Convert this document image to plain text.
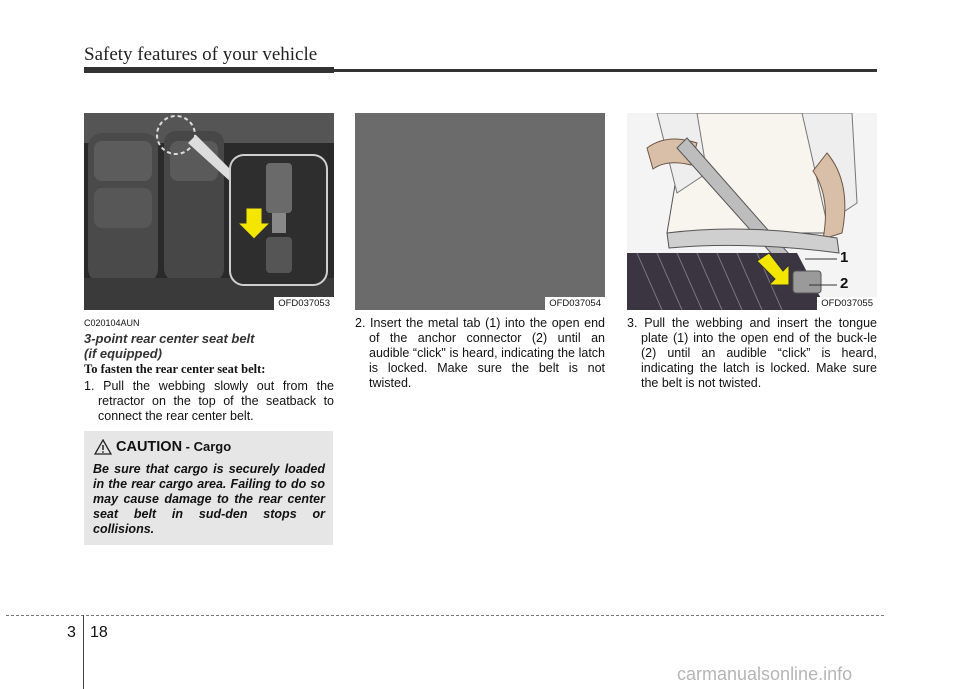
Safety features of your vehicle
OFD037053	OFD037054
1
2
OFD037055
C020104AUN
3-point rear center seat belt
(if equipped)
To fasten the rear center seat belt:
1. Pull the webbing slowly out from the retractor on the top of the seatback to connect the rear center belt.
2. Insert the metal tab (1) into the open end of the anchor connector (2) until an audible “click" is heard, indicating the latch is locked. Make sure the belt is not twisted.
3. Pull the webbing and insert the tongue plate (1) into the open end of the buck-le (2) until an audible “click” is heard, indicating the latch is locked. Make sure the belt is not twisted.
CAUTION - Cargo
Be sure that cargo is securely loaded in the rear cargo area. Failing to do so may cause damage to the rear center seat belt in sud-den stops or collisions.
3 18
carmanualsonline.info
